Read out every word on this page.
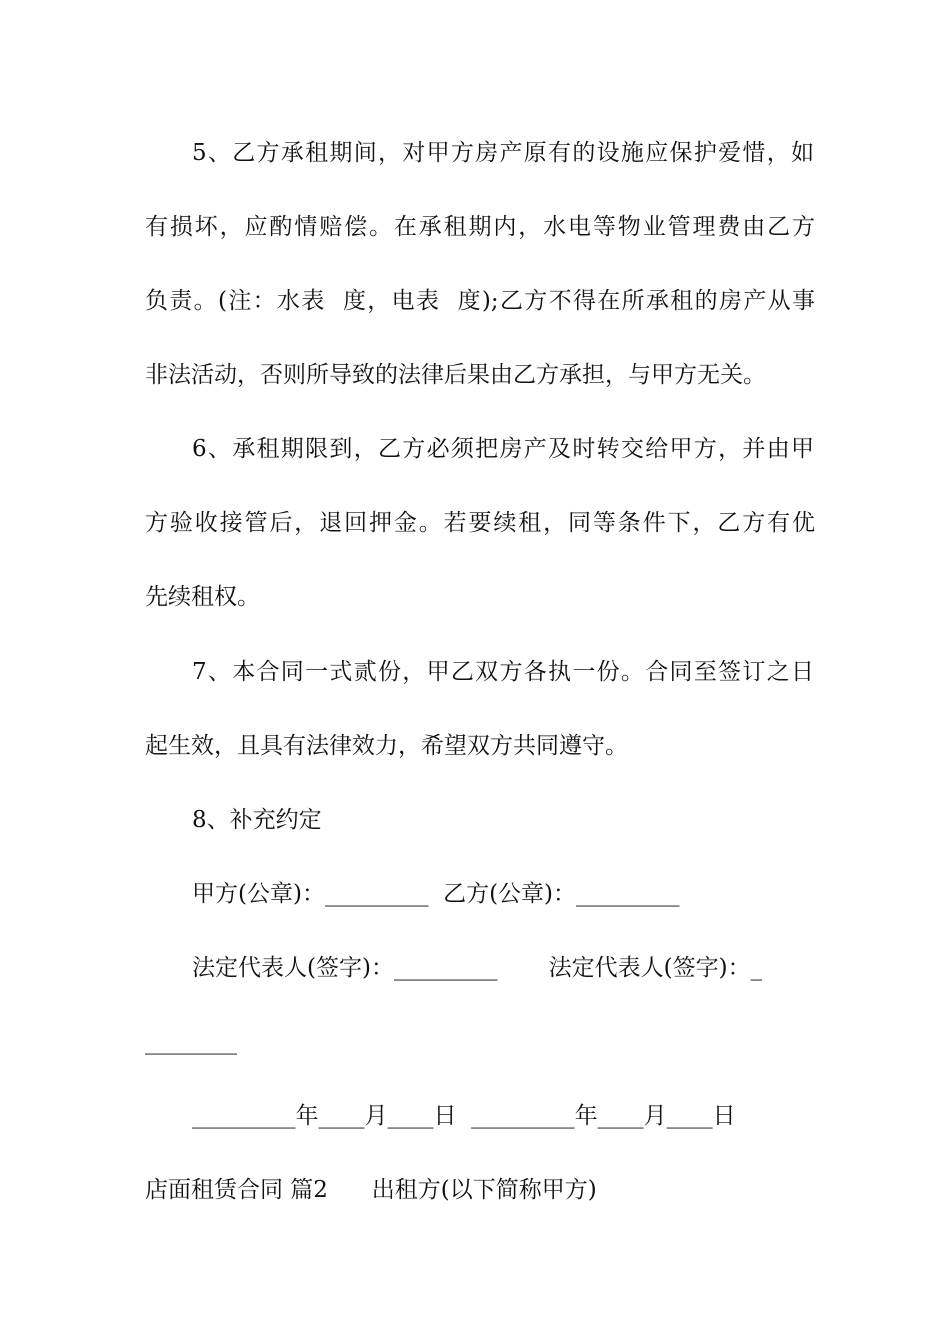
5、乙方承租期间，对甲方房产原有的设施应保护爱惜，如
有损坏，应酌情赔偿。在承租期内，水电等物业管理费由乙方
负责。(注：水表  度，电表  度);乙方不得在所承租的房产从事
非法活动，否则所导致的法律后果由乙方承担，与甲方无关。
6、承租期限到，乙方必须把房产及时转交给甲方，并由甲
方验收接管后，退回押金。若要续租，同等条件下，乙方有优
先续租权。
7、本合同一式贰份，甲乙双方各执一份。合同至签订之日
起生效，且具有法律效力，希望双方共同遵守。
8、补充约定
甲方(公章)：_________  乙方(公章)：_________
法定代表人(签字)：_________       法定代表人(签字)：_
________
_________年____月____日  _________年____月____日
店面租赁合同 篇2      出租方(以下简称甲方)
